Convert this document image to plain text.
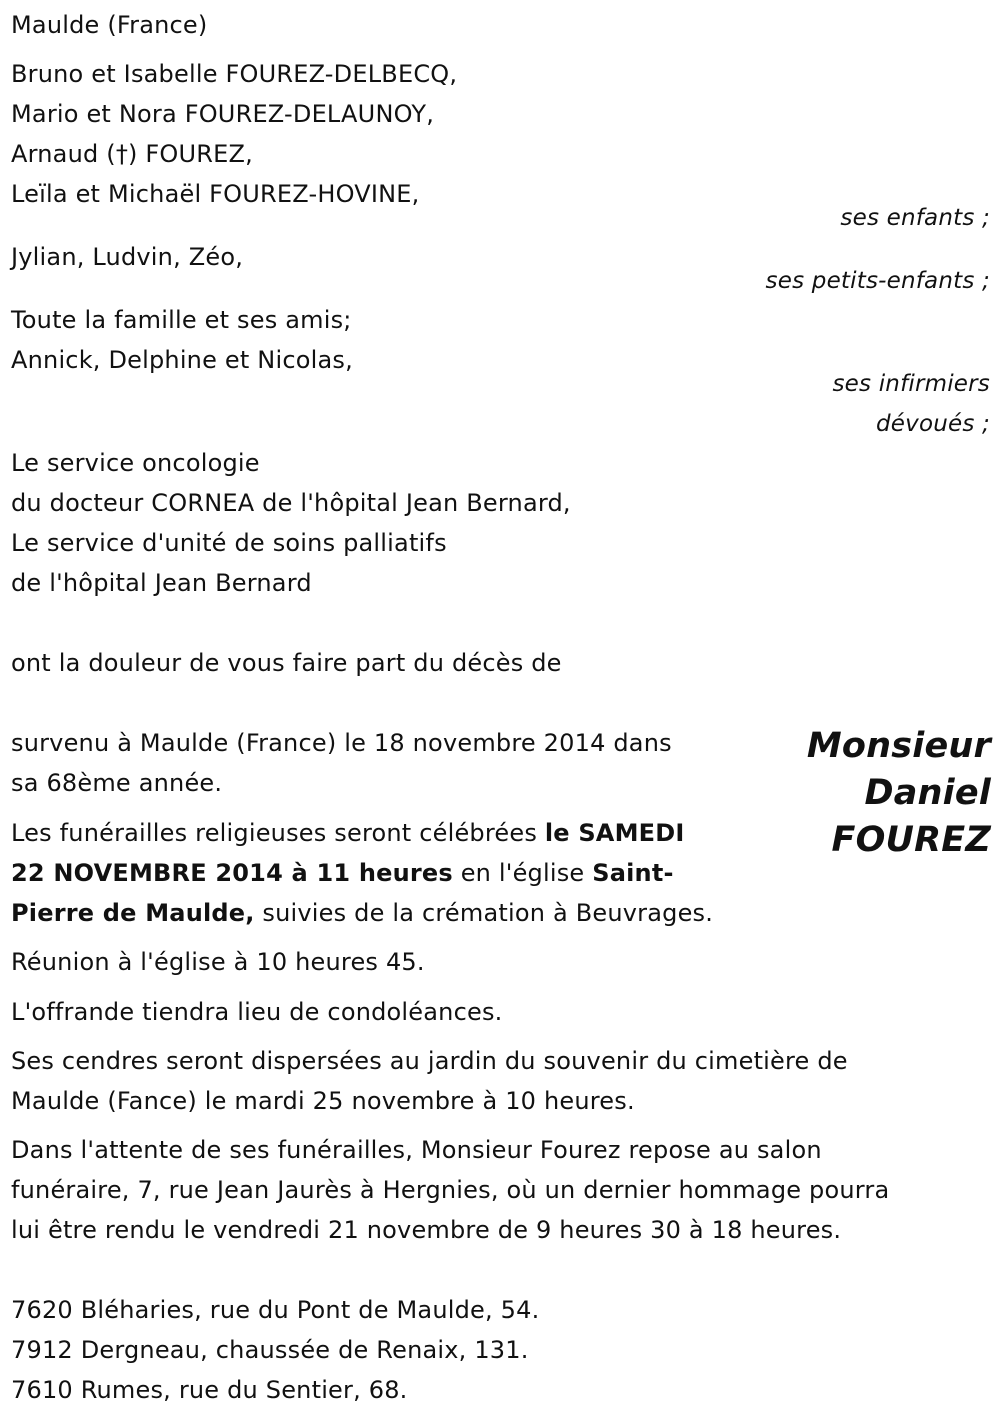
Maulde (France)
Bruno et Isabelle FOUREZ-DELBECQ,
Mario et Nora FOUREZ-DELAUNOY,
Arnaud (†) FOUREZ,
Leïla et Michaël FOUREZ-HOVINE,
ses enfants ;
Jylian, Ludvin, Zéo,
ses petits-enfants ;
Toute la famille et ses amis;
Annick, Delphine et Nicolas,
ses infirmiers
dévoués ;
Le service oncologie
du docteur CORNEA de l'hôpital Jean Bernard,
Le service d'unité de soins palliatifs
de l'hôpital Jean Bernard
ont la douleur de vous faire part du décès de
Monsieur
Daniel
FOUREZ
survenu à Maulde (France) le 18 novembre 2014 dans
sa 68ème année.
Les funérailles religieuses seront célébrées le SAMEDI
22 NOVEMBRE 2014 à 11 heures en l'église Saint-
Pierre de Maulde, suivies de la crémation à Beuvrages.
Réunion à l'église à 10 heures 45.
L'offrande tiendra lieu de condoléances.
Ses cendres seront dispersées au jardin du souvenir du cimetière de
Maulde (Fance) le mardi 25 novembre à 10 heures.
Dans l'attente de ses funérailles, Monsieur Fourez repose au salon
funéraire, 7, rue Jean Jaurès à Hergnies, où un dernier hommage pourra
lui être rendu le vendredi 21 novembre de 9 heures 30 à 18 heures.
7620 Bléharies, rue du Pont de Maulde, 54.
7912 Dergneau, chaussée de Renaix, 131.
7610 Rumes, rue du Sentier, 68.
